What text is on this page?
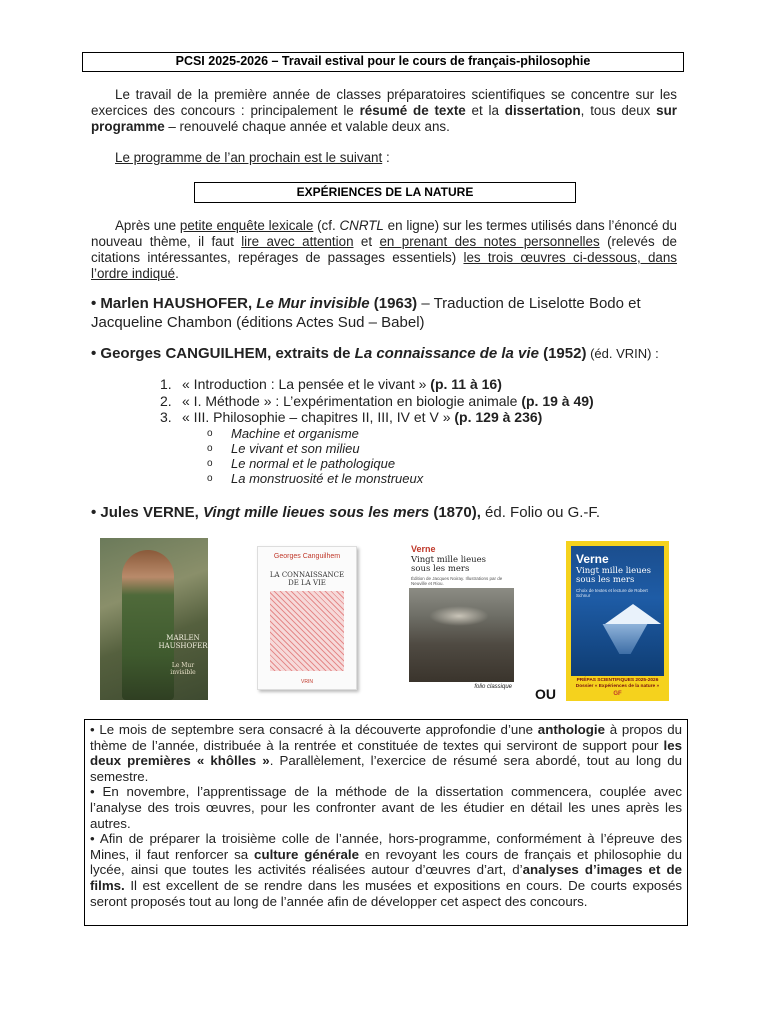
PCSI 2025-2026 – Travail estival pour le cours de français-philosophie

Le travail de la première année de classes préparatoires scientifiques se concentre sur les exercices des concours : principalement le résumé de texte et la dissertation, tous deux sur programme – renouvelé chaque année et valable deux ans.

Le programme de l’an prochain est le suivant :

EXPÉRIENCES DE LA NATURE

Après une petite enquête lexicale (cf. CNRTL en ligne) sur les termes utilisés dans l’énoncé du nouveau thème, il faut lire avec attention et en prenant des notes personnelles (relevés de citations intéressantes, repérages de passages essentiels) les trois œuvres ci-dessous, dans l’ordre indiqué.

• Marlen HAUSHOFER, Le Mur invisible (1963) – Traduction de Liselotte Bodo et Jacqueline Chambon (éditions Actes Sud – Babel)

• Georges CANGUILHEM, extraits de La connaissance de la vie (1952) (éd. VRIN) :

1. « Introduction : La pensée et le vivant » (p. 11 à 16)
2. « I. Méthode » : L’expérimentation en biologie animale (p. 19 à 49)
3. « III. Philosophie – chapitres II, III, IV et V » (p. 129 à 236)
o Machine et organisme
o Le vivant et son milieu
o Le normal et le pathologique
o La monstruosité et le monstrueux

• Jules VERNE, Vingt mille lieues sous les mers (1870), éd. Folio ou G.-F.

MARLEN
HAUSHOFER
Le Mur
invisible
Georges Canguilhem
LA CONNAISSANCE
DE LA VIE
VRIN
Verne
Vingt mille lieues
sous les mers
Édition de Jacques Noiray. Illustrations par de Neuville et Riou.
folio classique
Verne
Vingt mille lieues
sous les mers
Choix de textes et lecture de Robert Schnur
PRÉPAS SCIENTIFIQUES 2025-2026
Dossier « Expériences de la nature »
GF
OU

• Le mois de septembre sera consacré à la découverte approfondie d’une anthologie à propos du thème de l’année, distribuée à la rentrée et constituée de textes qui serviront de support pour les deux premières « khôlles ». Parallèlement, l’exercice de résumé sera abordé, tout au long du semestre.

• En novembre, l’apprentissage de la méthode de la dissertation commencera, couplée avec l’analyse des trois œuvres, pour les confronter avant de les étudier en détail les unes après les autres.

• Afin de préparer la troisième colle de l’année, hors-programme, conformément à l’épreuve des Mines, il faut renforcer sa culture générale en revoyant les cours de français et philosophie du lycée, ainsi que toutes les activités réalisées autour d’œuvres d’art, d’analyses d’images et de films. Il est excellent de se rendre dans les musées et expositions en cours. De courts exposés seront proposés tout au long de l’année afin de développer cet aspect des concours.
